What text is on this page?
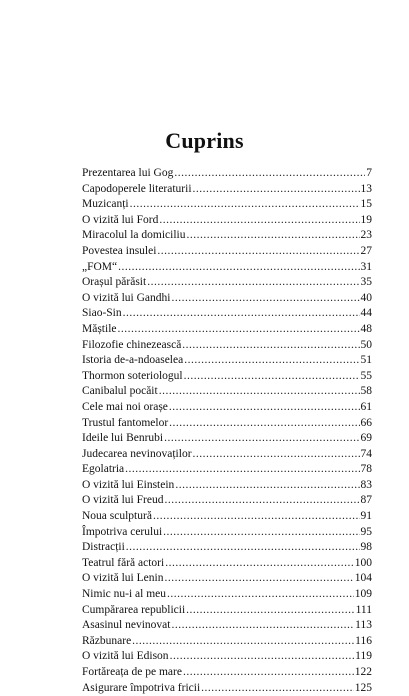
Cuprins
Prezentarea lui Gog .....	7
Capodoperele literaturii .....	13
Muzicanți .....	15
O vizită lui Ford .....	19
Miracolul la domiciliu .....	23
Povestea insulei .....	27
„FOM“ .....	31
Orașul părăsit .....	35
O vizită lui Gandhi .....	40
Siao-Sin .....	44
Măștile .....	48
Filozofie chinezească .....	50
Istoria de-a-ndoaselea .....	51
Thormon soteriologul .....	55
Canibalul pocăit .....	58
Cele mai noi orașe .....	61
Trustul fantomelor .....	66
Ideile lui Benrubi .....	69
Judecarea nevinovaților .....	74
Egolatria .....	78
O vizită lui Einstein .....	83
O vizită lui Freud .....	87
Noua sculptură .....	91
Împotriva cerului .....	95
Distracții .....	98
Teatrul fără actori .....	100
O vizită lui Lenin .....	104
Nimic nu-i al meu .....	109
Cumpărarea republicii .....	111
Asasinul nevinovat .....	113
Răzbunare .....	116
O vizită lui Edison .....	119
Fortăreața de pe mare .....	122
Asigurare împotriva fricii .....	125
